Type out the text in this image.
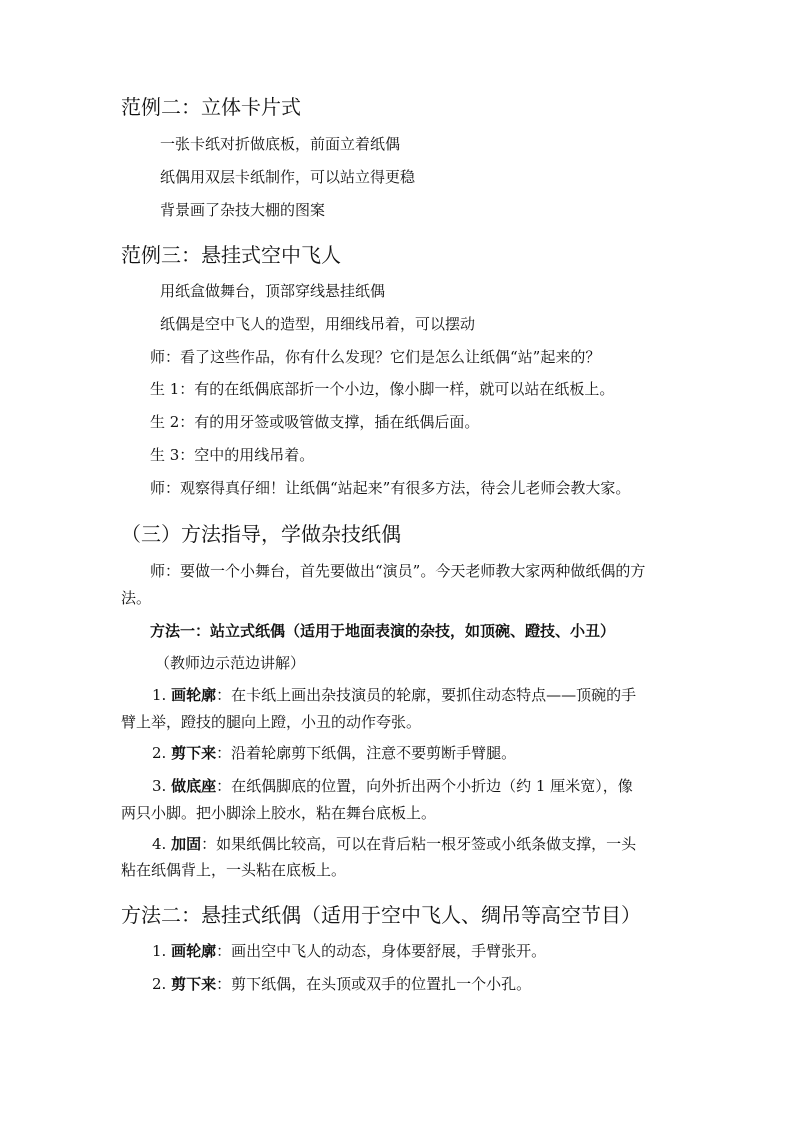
范例二：立体卡片式
一张卡纸对折做底板，前面立着纸偶
纸偶用双层卡纸制作，可以站立得更稳
背景画了杂技大棚的图案
范例三：悬挂式空中飞人
用纸盒做舞台，顶部穿线悬挂纸偶
纸偶是空中飞人的造型，用细线吊着，可以摆动
师：看了这些作品，你有什么发现？它们是怎么让纸偶“站”起来的？
生 1：有的在纸偶底部折一个小边，像小脚一样，就可以站在纸板上。
生 2：有的用牙签或吸管做支撑，插在纸偶后面。
生 3：空中的用线吊着。
师：观察得真仔细！让纸偶“站起来”有很多方法，待会儿老师会教大家。
（三）方法指导，学做杂技纸偶
师：要做一个小舞台，首先要做出“演员”。今天老师教大家两种做纸偶的方
法。
方法一：站立式纸偶（适用于地面表演的杂技，如顶碗、蹬技、小丑）
（教师边示范边讲解）
1. 画轮廓：在卡纸上画出杂技演员的轮廓，要抓住动态特点——顶碗的手
臂上举，蹬技的腿向上蹬，小丑的动作夸张。
2. 剪下来：沿着轮廓剪下纸偶，注意不要剪断手臂腿。
3. 做底座：在纸偶脚底的位置，向外折出两个小折边（约 1 厘米宽），像
两只小脚。把小脚涂上胶水，粘在舞台底板上。
4. 加固：如果纸偶比较高，可以在背后粘一根牙签或小纸条做支撑，一头
粘在纸偶背上，一头粘在底板上。
方法二：悬挂式纸偶（适用于空中飞人、绸吊等高空节目）
1. 画轮廓：画出空中飞人的动态，身体要舒展，手臂张开。
2. 剪下来：剪下纸偶，在头顶或双手的位置扎一个小孔。
